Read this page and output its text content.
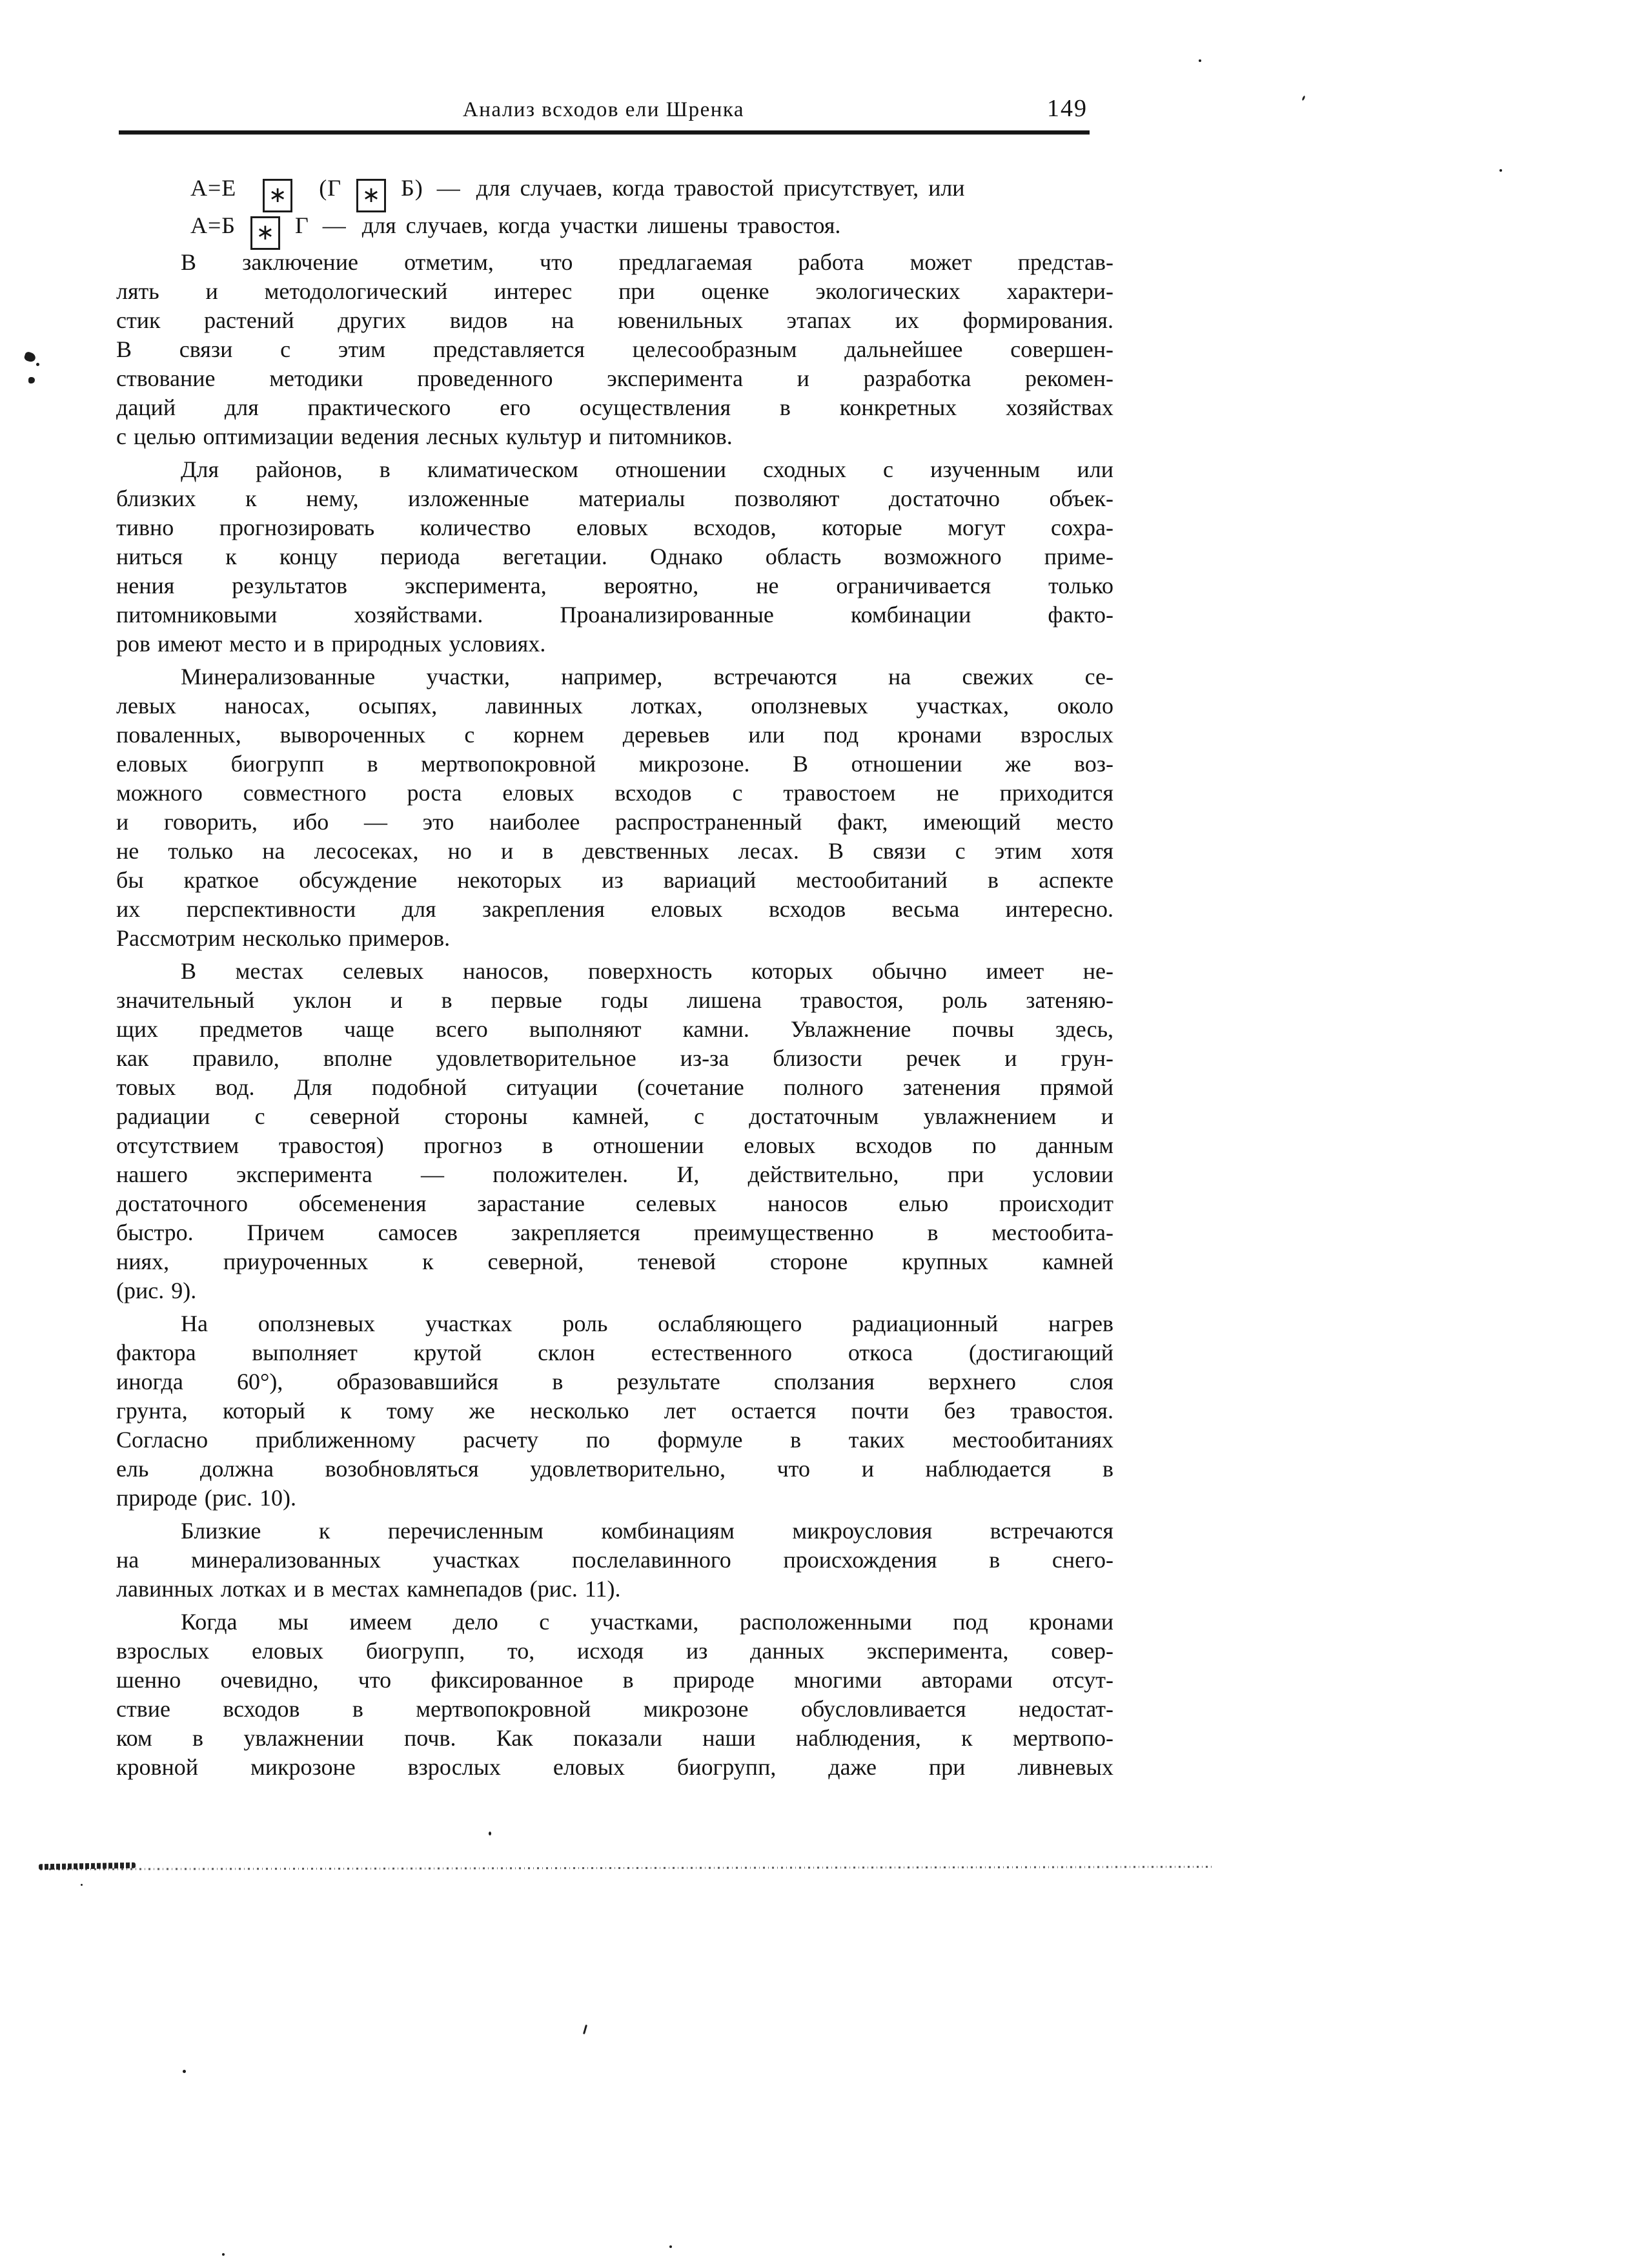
Анализ всходов ели Шренка	149
А=Е ∗ (Г ∗ Б) — для случаев, когда травостой присутствует, или
А=Б ∗ Г — для случаев, когда участки лишены травостоя.
В заключение отметим, что предлагаемая работа может представ-
лять и методологический интерес при оценке экологических характери-
стик растений других видов на ювенильных этапах их формирования.
В связи с этим представляется целесообразным дальнейшее совершен-
ствование методики проведенного эксперимента и разработка рекомен-
даций для практического его осуществления в конкретных хозяйствах
с целью оптимизации ведения лесных культур и питомников.
Для районов, в климатическом отношении сходных с изученным или
близких к нему, изложенные материалы позволяют достаточно объек-
тивно прогнозировать количество еловых всходов, которые могут сохра-
ниться к концу периода вегетации. Однако область возможного приме-
нения результатов эксперимента, вероятно, не ограничивается только
питомниковыми хозяйствами. Проанализированные комбинации факто-
ров имеют место и в природных условиях.
Минерализованные участки, например, встречаются на свежих се-
левых наносах, осыпях, лавинных лотках, оползневых участках, около
поваленных, вывороченных с корнем деревьев или под кронами взрослых
еловых биогрупп в мертвопокровной микрозоне. В отношении же воз-
можного совместного роста еловых всходов с травостоем не приходится
и говорить, ибо — это наиболее распространенный факт, имеющий место
не только на лесосеках, но и в девственных лесах. В связи с этим хотя
бы краткое обсуждение некоторых из вариаций местообитаний в аспекте
их перспективности для закрепления еловых всходов весьма интересно.
Рассмотрим несколько примеров.
В местах селевых наносов, поверхность которых обычно имеет не-
значительный уклон и в первые годы лишена травостоя, роль затеняю-
щих предметов чаще всего выполняют камни. Увлажнение почвы здесь,
как правило, вполне удовлетворительное из-за близости речек и грун-
товых вод. Для подобной ситуации (сочетание полного затенения прямой
радиации с северной стороны камней, с достаточным увлажнением и
отсутствием травостоя) прогноз в отношении еловых всходов по данным
нашего эксперимента — положителен. И, действительно, при условии
достаточного обсеменения зарастание селевых наносов елью происходит
быстро. Причем самосев закрепляется преимущественно в местообита-
ниях, приуроченных к северной, теневой стороне крупных камней
(рис. 9).
На оползневых участках роль ослабляющего радиационный нагрев
фактора выполняет крутой склон естественного откоса (достигающий
иногда 60°), образовавшийся в результате сползания верхнего слоя
грунта, который к тому же несколько лет остается почти без травостоя.
Согласно приближенному расчету по формуле в таких местообитаниях
ель должна возобновляться удовлетворительно, что и наблюдается в
природе (рис. 10).
Близкие к перечисленным комбинациям микроусловия встречаются
на минерализованных участках послелавинного происхождения в снего-
лавинных лотках и в местах камнепадов (рис. 11).
Когда мы имеем дело с участками, расположенными под кронами
взрослых еловых биогрупп, то, исходя из данных эксперимента, совер-
шенно очевидно, что фиксированное в природе многими авторами отсут-
ствие всходов в мертвопокровной микрозоне обусловливается недостат-
ком в увлажнении почв. Как показали наши наблюдения, к мертвопо-
кровной микрозоне взрослых еловых биогрупп, даже при ливневых
